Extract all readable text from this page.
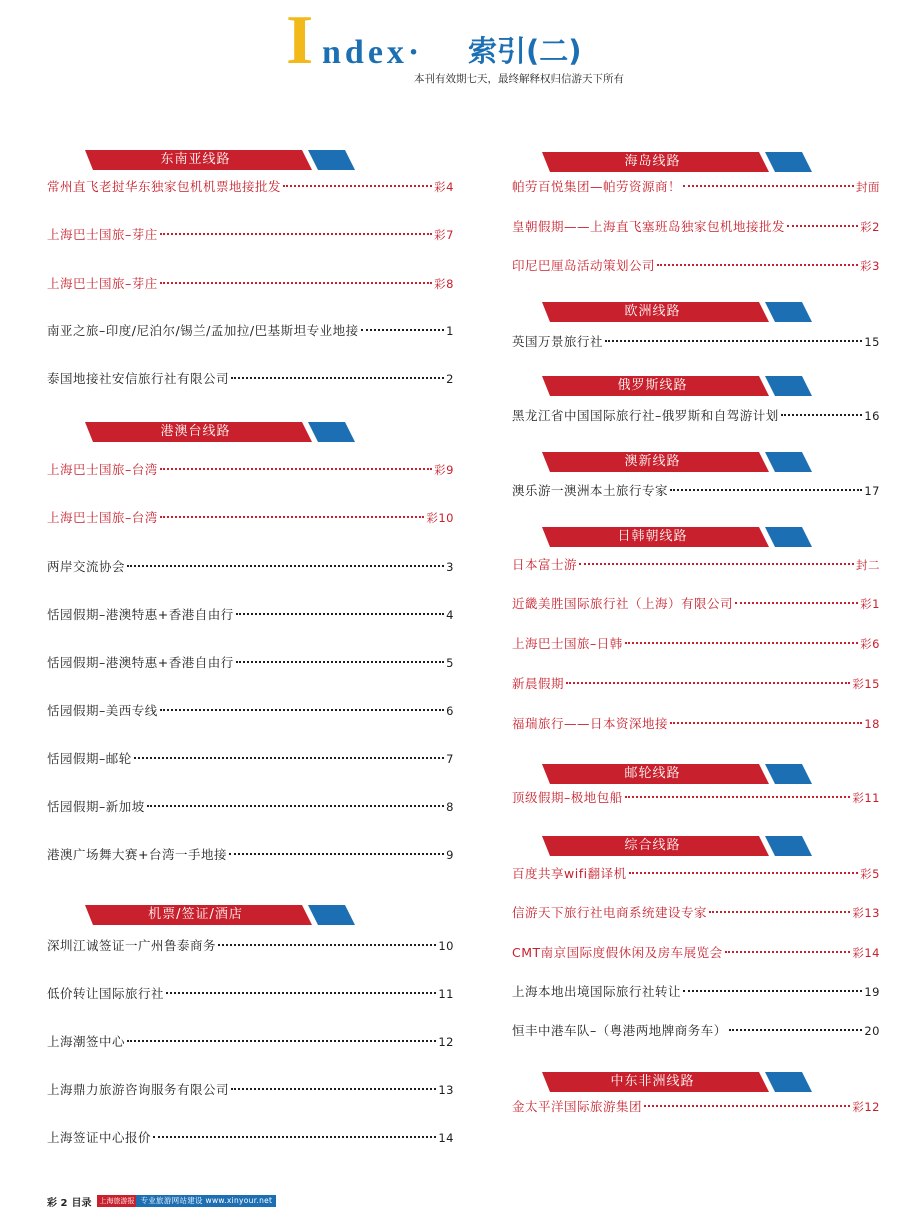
I ndex· 索引(二)
本刊有效期七天，最终解释权归信游天下所有
东南亚线路
常州直飞老挝华东独家包机机票地接批发	彩4
上海巴士国旅–芽庄	彩7
上海巴士国旅–芽庄	彩8
南亚之旅–印度/尼泊尔/锡兰/孟加拉/巴基斯坦专业地接	1
泰国地接社安信旅行社有限公司	2
港澳台线路
上海巴士国旅–台湾	彩9
上海巴士国旅–台湾	彩10
两岸交流协会	3
恬园假期–港澳特惠+香港自由行	4
恬园假期–港澳特惠+香港自由行	5
恬园假期–美西专线	6
恬园假期–邮轮	7
恬园假期–新加坡	8
港澳广场舞大赛+台湾一手地接	9
机票/签证/酒店
深圳江诚签证一广州鲁泰商务	10
低价转让国际旅行社	11
上海潮签中心	12
上海鼎力旅游咨询服务有限公司	13
上海签证中心报价	14
海岛线路
帕劳百悦集团—帕劳资源商！	封面
皇朝假期——上海直飞塞班岛独家包机地接批发	彩2
印尼巴厘岛活动策划公司	彩3
欧洲线路
英国万景旅行社	15
俄罗斯线路
黑龙江省中国国际旅行社–俄罗斯和自驾游计划	16
澳新线路
澳乐游一澳洲本土旅行专家	17
日韩朝线路
日本富士游	封二
近畿美胜国际旅行社（上海）有限公司	彩1
上海巴士国旅–日韩	彩6
新晨假期	彩15
福瑞旅行——日本资深地接	18
邮轮线路
顶级假期–极地包船	彩11
综合线路
百度共享wifi翻译机	彩5
信游天下旅行社电商系统建设专家	彩13
CMT南京国际度假休闲及房车展览会	彩14
上海本地出境国际旅行社转让	19
恒丰中港车队–（粤港两地牌商务车）	20
中东非洲线路
金太平洋国际旅游集团	彩12
彩 2 目录 上海旅游报 专业旅游网站建设 www.xinyour.net
